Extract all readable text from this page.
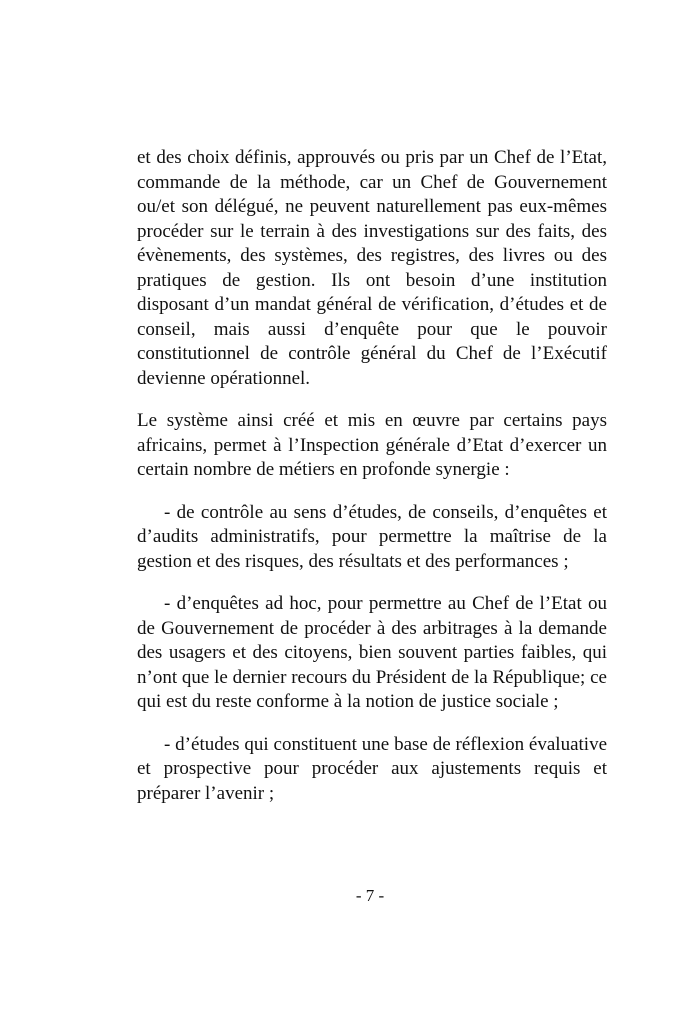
et des choix définis, approuvés ou pris par un Chef de l’Etat, commande de la méthode, car un Chef de Gouvernement ou/et son délégué, ne peuvent naturellement pas eux-mêmes procéder sur le terrain à des investigations sur des faits, des évènements, des systèmes, des registres, des livres ou des pratiques de gestion. Ils ont besoin d’une institution disposant d’un mandat général de vérification, d’études et de conseil, mais aussi d’enquête pour que le pouvoir constitutionnel de contrôle général du Chef de l’Exécutif devienne opérationnel.

Le système ainsi créé et mis en œuvre par certains pays africains, permet à l’Inspection générale d’Etat d’exercer un certain nombre de métiers en profonde synergie :

- de contrôle au sens d’études, de conseils, d’enquêtes et d’audits administratifs, pour permettre la maîtrise de la gestion et des risques, des résultats et des performances ;

- d’enquêtes ad hoc, pour permettre au Chef de l’Etat ou de Gouvernement de procéder à des arbitrages à la demande des usagers et des citoyens, bien souvent parties faibles, qui n’ont que le dernier recours du Président de la République; ce qui est du reste conforme à la notion de justice sociale ;

- d’études qui constituent une base de réflexion évaluative et prospective pour procéder aux ajustements requis et préparer l’avenir ;

- 7 -
